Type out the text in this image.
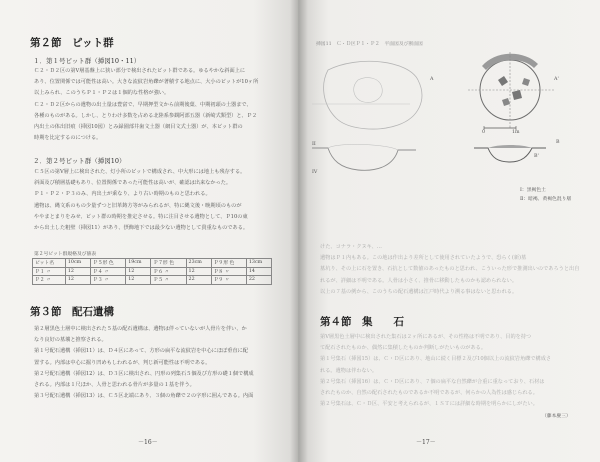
第２節　ピット群
１．第１号ピット群（挿図10・11）
Ｃ２・Ｄ２区の第Ⅴ層基盤上に狭い部分で検出されたピット群である。ゆるやかな斜面上に
あり、位置関係では可能性は高い。大きな流紋岩角礫が著積する地点に、大小のピットが10ヶ所
以上みられ、このうちＰ１・Ｐ２は１個的な性格が強い。
Ｃ２・Ｄ２区からの遺物の出土量は豊富で、早期押型文から前期後葉、中期初頭の土器まで、
各種のものがある。しかし、とりわけ多数を占める北陸系参観阿部五器（新崎式類型）と、Ｐ２
内出土の体出旧痕（挿図10図）とみ録園部井歯文土器（網目文式土器）が、本ピット群の
時期を比定するのにつける。
２．第２号ピット群（挿図10）
Ｃ５区の第Ⅴ層上に検出された、灯小所のピットで構成され、中大形には地上も残存する。
斜面及び積層基礎もあり、位置関係であった可能性は高いが、確認は出来なかった。
Ｐ１・Ｐ２・Ｐ３のみ、内出土が乗なり、より古い時期のものと思われる。
遺物は、縄文系のもの少量ずつと旧革鋳方等がみられるが、特に縄文後・晩期頃のものが
ややまとまりをみせ、ピット群の時期を推定させる。特に注目させる遺物として、Ｐ10の東
から出土した粗壁（挿図11）があり、摂飾地下では最少ない遺物として貴重なものである。
第２号ピット群規格及び値表
ピット名	10cm	Ｐ５形 色	19cm	Ｐ７形 色	23cm	Ｐ９形 色	13cm
Ｐ１ 〃	12	Ｐ４ 〃	12	Ｐ６ 〃	12	Ｐ８ 〃	14
Ｐ２ 〃	12	Ｐ３ 〃	12	Ｐ５ 〃	22	Ｐ９ 〃	22
第３節　配石遺構
第２層黒色土層中に検出された５基の配石遺構は、遺物は伴っていないが人骨片を伴い、か
なり良好の墓壙と推察される。
第１号配石遺構（挿図11）は、Ｄ４区にあって、方形の扁平な流紋岩を中心にほぼ垂直に配
置する。内部は中心に掘り凹めもしわれるが、判じ新可能性は不明である。
第２号配石遺構（挿図12）は、Ｄ３区に検出され、円形の列集石５個及び方形の礎１個で構成
される。内部は１尺ほか、人骨と思われる骨片が多量の１基を伴う。
第３号配石遺構（挿図13）は、Ｃ５区北端にあり、３個の角礫で２の字形に囲んである。内面
－16－
挿図11　Ｃ・Ｄ区Ｐ１・Ｐ２　平面図及び断面図
A	A'
II	B
IV
B'
0	1m
Ⅰ：黒褐色土
Ⅱ：暗褐、黄褐色混り層
けた、コナラ・クヌキ、…
遺物はＰ１内もある。この地は作出より差所として使用されていたようで、恐らく(新)墓
墓坑り、その上に石を置き、石抗として数値のあったものと思われ、こういった形で推測出いのであろうと出自
れるが、詳細は不明である。人骨は小さく、推骨に移動したものかも認められない。
以上の７基の例から、このうちの配石遺構は江戸時代より溯る事はないと思われる。
第４節　集　　石
第Ⅴ層黒色土層中に検出された集石は２ヶ所にあるが、その性格は不明であり、目的を持つ
て配石されたものか、偶然に集積したものか判断しがたいものがある。
第１号集石（挿図15）は、Ｃ・Ｄ区にあり、地山に続く目標２及び10個以上の流紋岩角礫で構成さ
れる。遺物は伴わない。
第２号集石（挿図16）は、Ｃ・Ｄ区にあり、７個の扁平な自然礫が合重に重なっており、石材は
されたものか、自然の配石されたものであるか不明であるが、何らかの人為性は感じられる。
第２号集石は、Ｃ・Ｄ区、平安と考えられるが、１ＳＴには詳細な時期を明らかにしがたい。
（藤本慶三）
－17－
